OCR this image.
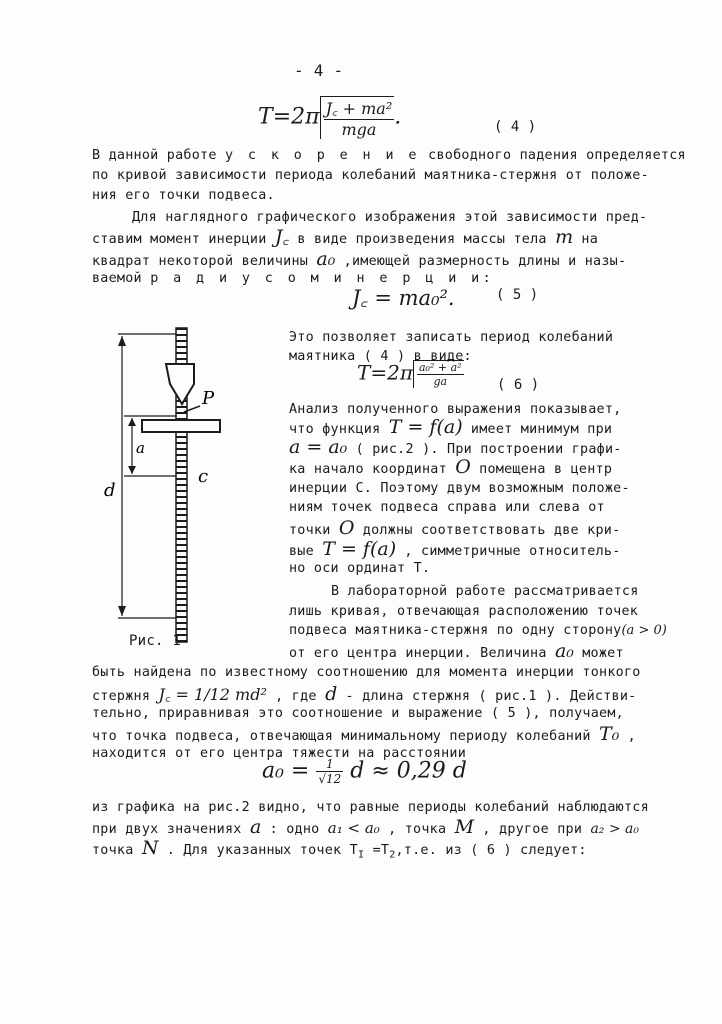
- 4 -
$T=2\pi \frac{\text{J꜀ + ma²}}{\text{mga}}$ .	( 4 )
В данной работе у с к о р е н и е свободного падения определяется
по кривой зависимости периода колебаний маятника-стержня от положе-
ния его точки подвеса.
Для наглядного графического изображения этой зависимости пред-
ставим момент инерции J꜀ в виде произведения массы тела m на
квадрат некоторой величины a₀ ,имеющей размерность длины и назы-
ваемой р а д и у с о м и н е р ц и и:
J꜀ = ma₀².	( 5 )
P
d
a
c
Рис. 1
Это позволяет записать период колебаний
маятника ( 4 ) в виде:
$T=2\pi \frac{\text{a₀² + a²}}{ga}$ ( 6 )
Анализ полученного выражения показывает,
что функция T = f(a) имеет минимум при
a = a₀ ( рис.2 ). При построении графи-
ка начало координат O помещена в центр
инерции С. Поэтому двум возможным положе-
ниям точек подвеса справа или слева от
точки O должны соответствовать две кри-
вые T = f(a) , симметричные относитель-
но оси ординат Т.
В лабораторной работе рассматривается
лишь кривая, отвечающая расположению точек
подвеса маятника-стержня по одну сторону(a > 0)
от его центра инерции. Величина a₀ может
быть найдена по известному соотношению для момента инерции тонкого
стержня J꜀ = 1/12 md² , где d - длина стержня ( рис.1 ). Действи-
тельно, приравнивая это соотношение и выражение ( 5 ), получаем,
что точка подвеса, отвечающая минимальному периоду колебаний T₀ ,
находится от его центра тяжести на расстоянии
$a_0 = \frac{1}{√12}$ d ≈ 0,29 d
из графика на рис.2 видно, что равные периоды колебаний наблюдаются
при двух значениях a : одно a₁ < a₀ , точка M , другое при a₂ > a₀
точка N . Для указанных точек $T_I =T_2,т.е$. из ( 6 ) следует:
